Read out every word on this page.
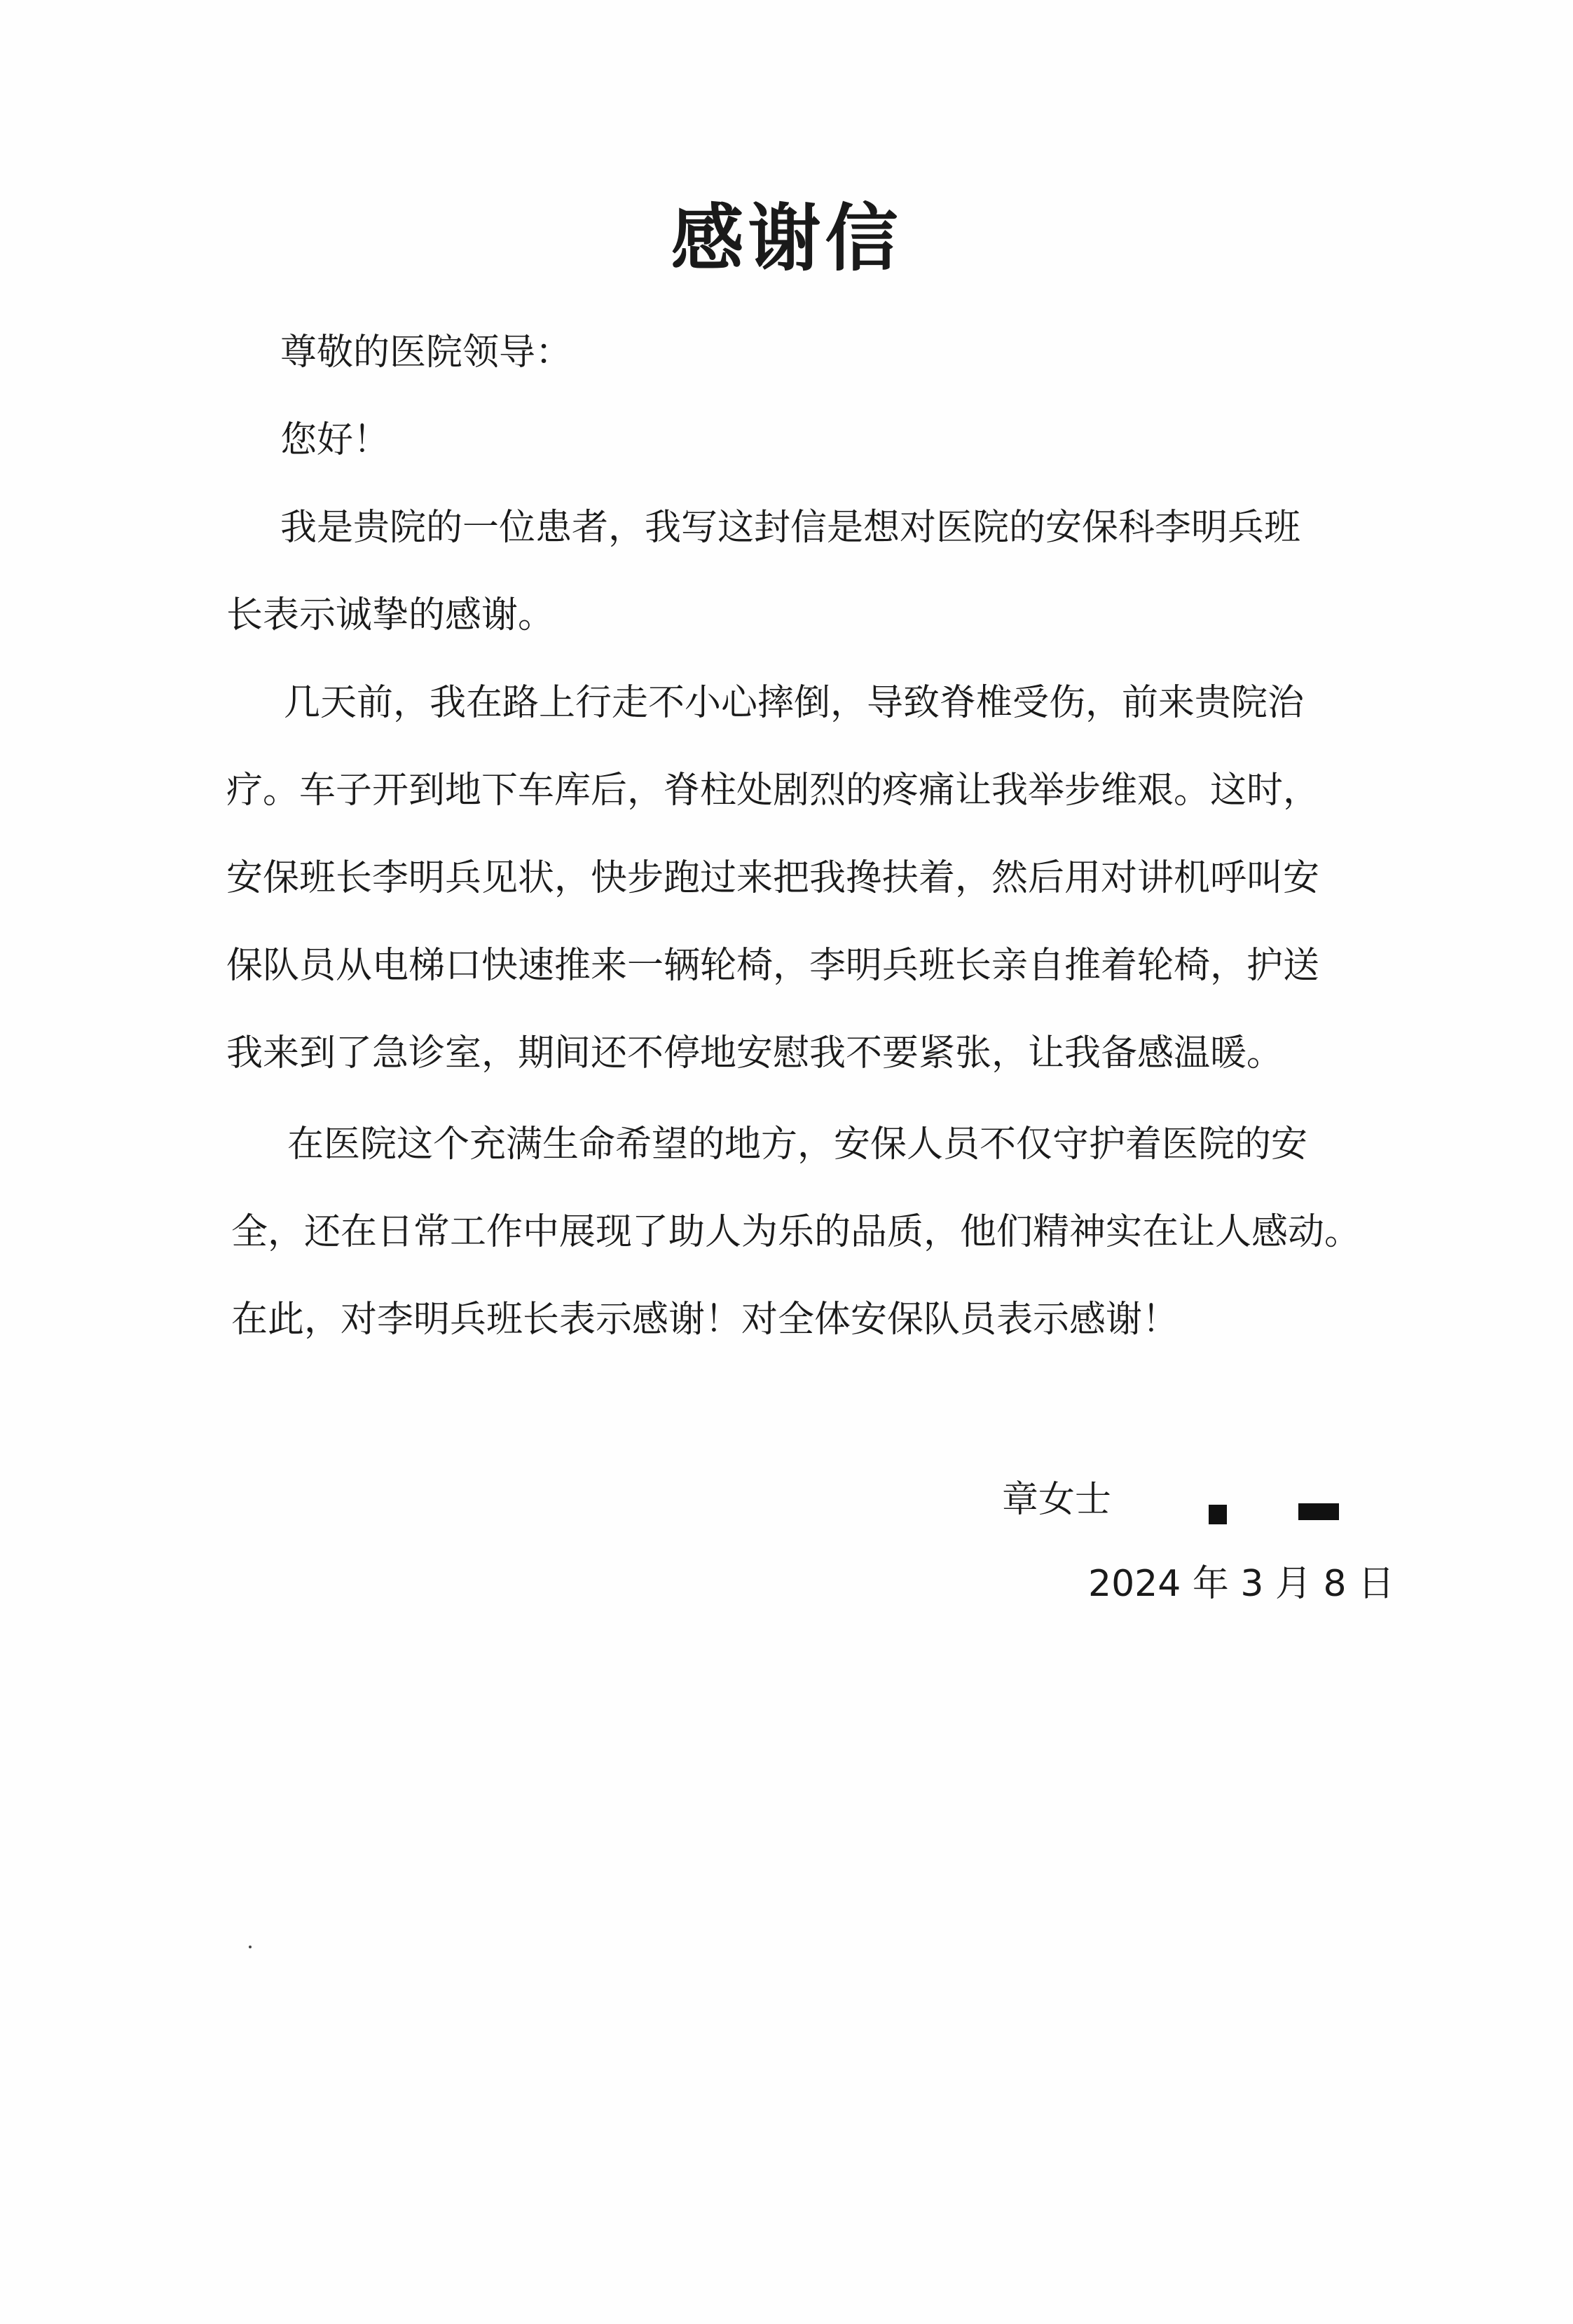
感谢信
尊敬的医院领导：
您好！
我是贵院的一位患者，我写这封信是想对医院的安保科李明兵班
长表示诚挚的感谢。
几天前，我在路上行走不小心摔倒，导致脊椎受伤，前来贵院治
疗。车子开到地下车库后，脊柱处剧烈的疼痛让我举步维艰。这时，
安保班长李明兵见状，快步跑过来把我搀扶着，然后用对讲机呼叫安
保队员从电梯口快速推来一辆轮椅，李明兵班长亲自推着轮椅，护送
我来到了急诊室，期间还不停地安慰我不要紧张，让我备感温暖。
在医院这个充满生命希望的地方，安保人员不仅守护着医院的安
全，还在日常工作中展现了助人为乐的品质，他们精神实在让人感动。
在此，对李明兵班长表示感谢！对全体安保队员表示感谢！
章女士
2024 年 3 月 8 日
